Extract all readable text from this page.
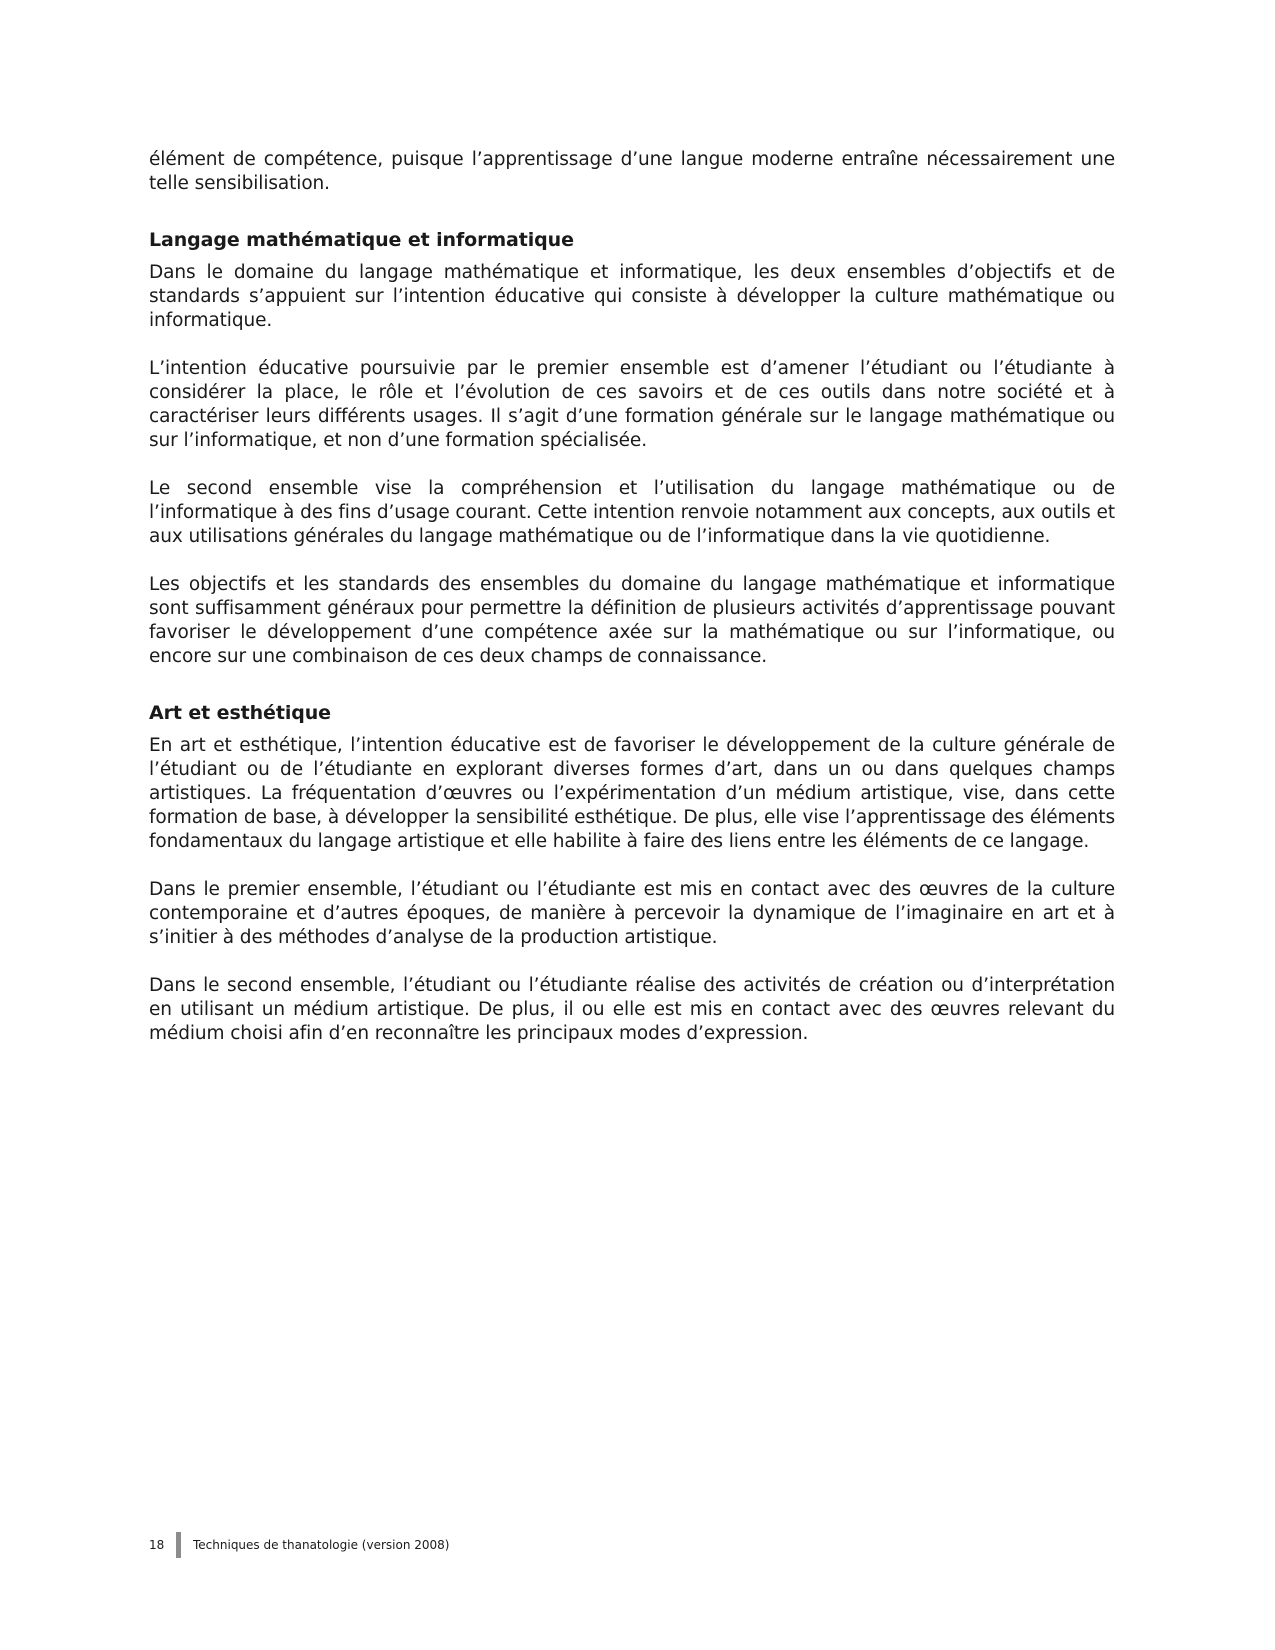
élément de compétence, puisque l’apprentissage d’une langue moderne entraîne nécessairement une telle sensibilisation.

Langage mathématique et informatique

Dans le domaine du langage mathématique et informatique, les deux ensembles d’objectifs et de standards s’appuient sur l’intention éducative qui consiste à développer la culture mathématique ou informatique.

L’intention éducative poursuivie par le premier ensemble est d’amener l’étudiant ou l’étudiante à considérer la place, le rôle et l’évolution de ces savoirs et de ces outils dans notre société et à caractériser leurs différents usages. Il s’agit d’une formation générale sur le langage mathématique ou sur l’informatique, et non d’une formation spécialisée.

Le second ensemble vise la compréhension et l’utilisation du langage mathématique ou de l’informatique à des fins d’usage courant. Cette intention renvoie notamment aux concepts, aux outils et aux utilisations générales du langage mathématique ou de l’informatique dans la vie quotidienne.

Les objectifs et les standards des ensembles du domaine du langage mathématique et informatique sont suffisamment généraux pour permettre la définition de plusieurs activités d’apprentissage pouvant favoriser le développement d’une compétence axée sur la mathématique ou sur l’informatique, ou encore sur une combinaison de ces deux champs de connaissance.

Art et esthétique

En art et esthétique, l’intention éducative est de favoriser le développement de la culture générale de l’étudiant ou de l’étudiante en explorant diverses formes d’art, dans un ou dans quelques champs artistiques. La fréquentation d’œuvres ou l’expérimentation d’un médium artistique, vise, dans cette formation de base, à développer la sensibilité esthétique. De plus, elle vise l’apprentissage des éléments fondamentaux du langage artistique et elle habilite à faire des liens entre les éléments de ce langage.

Dans le premier ensemble, l’étudiant ou l’étudiante est mis en contact avec des œuvres de la culture contemporaine et d’autres époques, de manière à percevoir la dynamique de l’imaginaire en art et à s’initier à des méthodes d’analyse de la production artistique.

Dans le second ensemble, l’étudiant ou l’étudiante réalise des activités de création ou d’interprétation en utilisant un médium artistique. De plus, il ou elle est mis en contact avec des œuvres relevant du médium choisi afin d’en reconnaître les principaux modes d’expression.

18	Techniques de thanatologie (version 2008)
